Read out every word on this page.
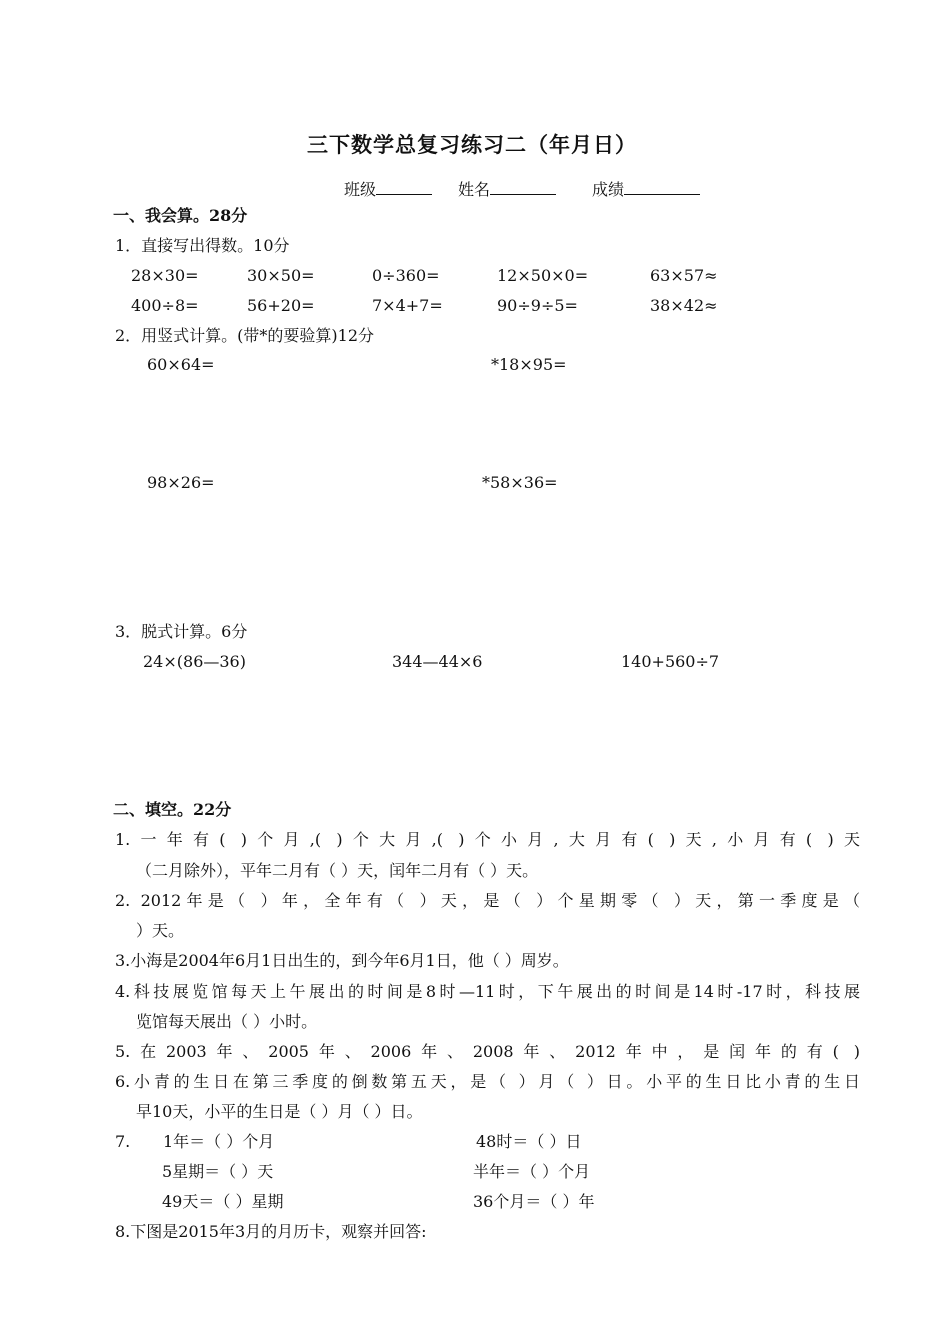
三下数学总复习练习二（年月日）
班级	姓名	成绩
一、我会算。28分
1．直接写出得数。10分
28×30=	30×50=	0÷360=	12×50×0=	63×57≈
400÷8=	56+20=	7×4+7=	90÷9÷5=	38×42≈
2．用竖式计算。(带*的要验算)12分
60×64=	*18×95=
98×26=	*58×36=
3．脱式计算。6分
24×(86—36)	344—44×6	140+560÷7
二、填空。22分
1.一年有( )个月,( )个大月,( )个小月,大月有( )天,小月有( )天
（二月除外），平年二月有（ ）天，闰年二月有（ ）天。
2. 2012年是（ ）年，全年有（ ）天，是（ ）个星期零（ ）天，第一季度是（
）天。
3.小海是2004年6月1日出生的，到今年6月1日，他（ ）周岁。
4.科技展览馆每天上午展出的时间是8时—11时，下午展出的时间是14时-17时，科技展
览馆每天展出（ ）小时。
5.在2003年、2005年、2006年、2008年、2012年中，是闰年的有( )
6.小青的生日在第三季度的倒数第五天，是（ ）月（ ）日。小平的生日比小青的生日
早10天，小平的生日是（ ）月（ ）日。
7. 1年＝（ ）个月	48时＝（ ）日
5星期＝（ ）天	半年＝（ ）个月
49天＝（ ）星期	36个月＝（ ）年
8.下图是2015年3月的月历卡，观察并回答:
